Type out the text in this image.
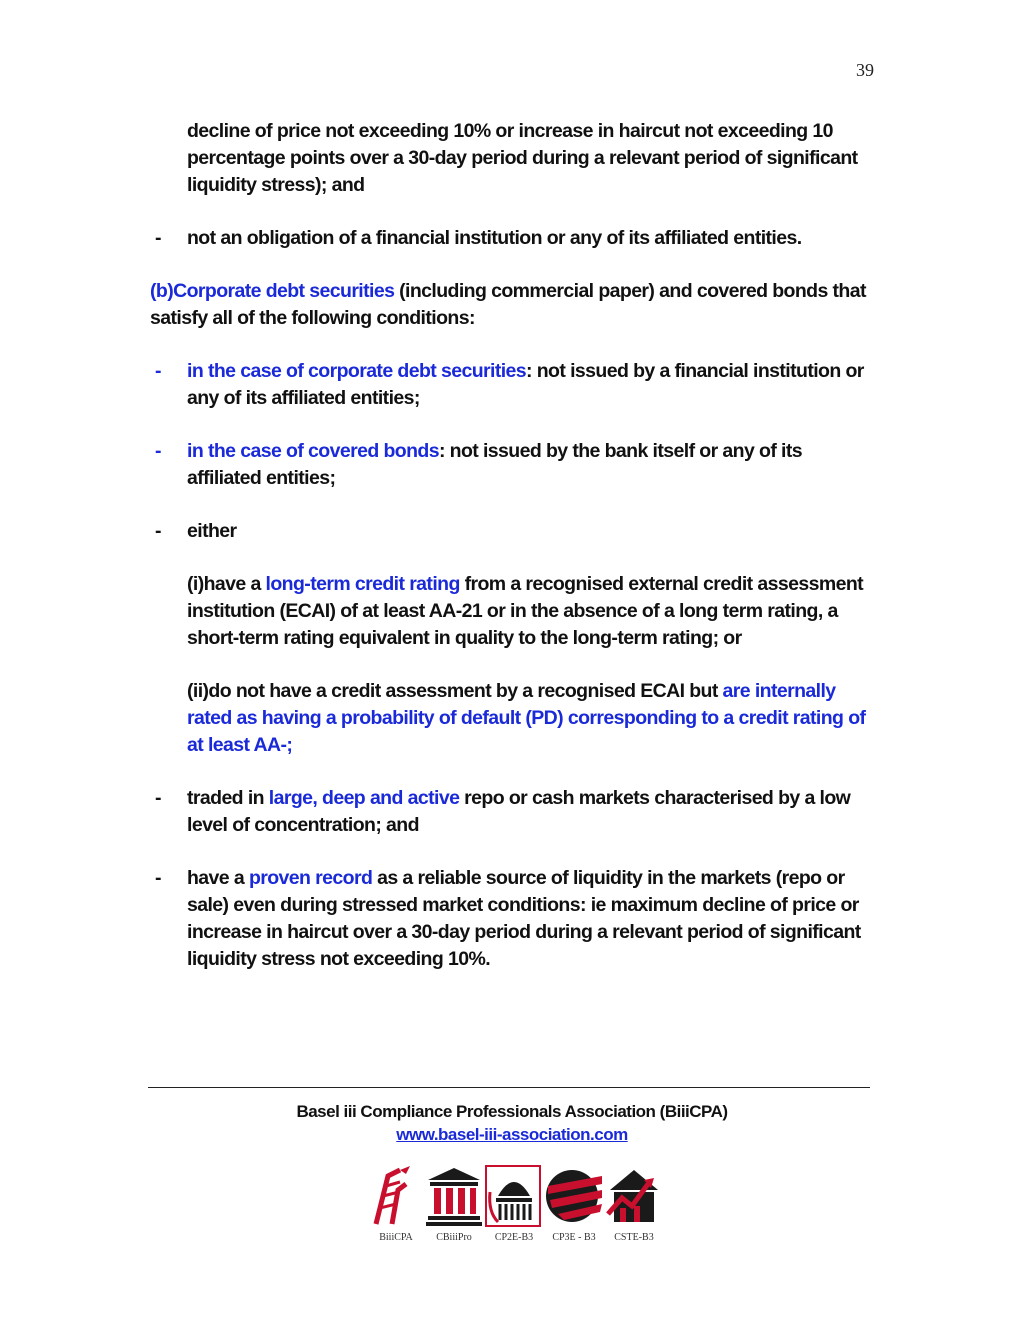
39

decline of price not exceeding 10% or increase in haircut not exceeding 10 percentage points over a 30-day period during a relevant period of significant liquidity stress); and

- not an obligation of a financial institution or any of its affiliated entities.

(b)Corporate debt securities (including commercial paper) and covered bonds that satisfy all of the following conditions:

- in the case of corporate debt securities: not issued by a financial institution or any of its affiliated entities;
- in the case of covered bonds: not issued by the bank itself or any of its affiliated entities;
- either

(i)have a long-term credit rating from a recognised external credit assessment institution (ECAI) of at least AA-21 or in the absence of a long term rating, a short-term rating equivalent in quality to the long-term rating; or

(ii)do not have a credit assessment by a recognised ECAI but are internally rated as having a probability of default (PD) corresponding to a credit rating of at least AA-;

- traded in large, deep and active repo or cash markets characterised by a low level of concentration; and
- have a proven record as a reliable source of liquidity in the markets (repo or sale) even during stressed market conditions: ie maximum decline of price or increase in haircut over a 30-day period during a relevant period of significant liquidity stress not exceeding 10%.
Basel iii Compliance Professionals Association (BiiiCPA)
www.basel-iii-association.com
BiiiCPA	CBiiiPro	CP2E-B3	CP3E - B3	CSTE-B3
